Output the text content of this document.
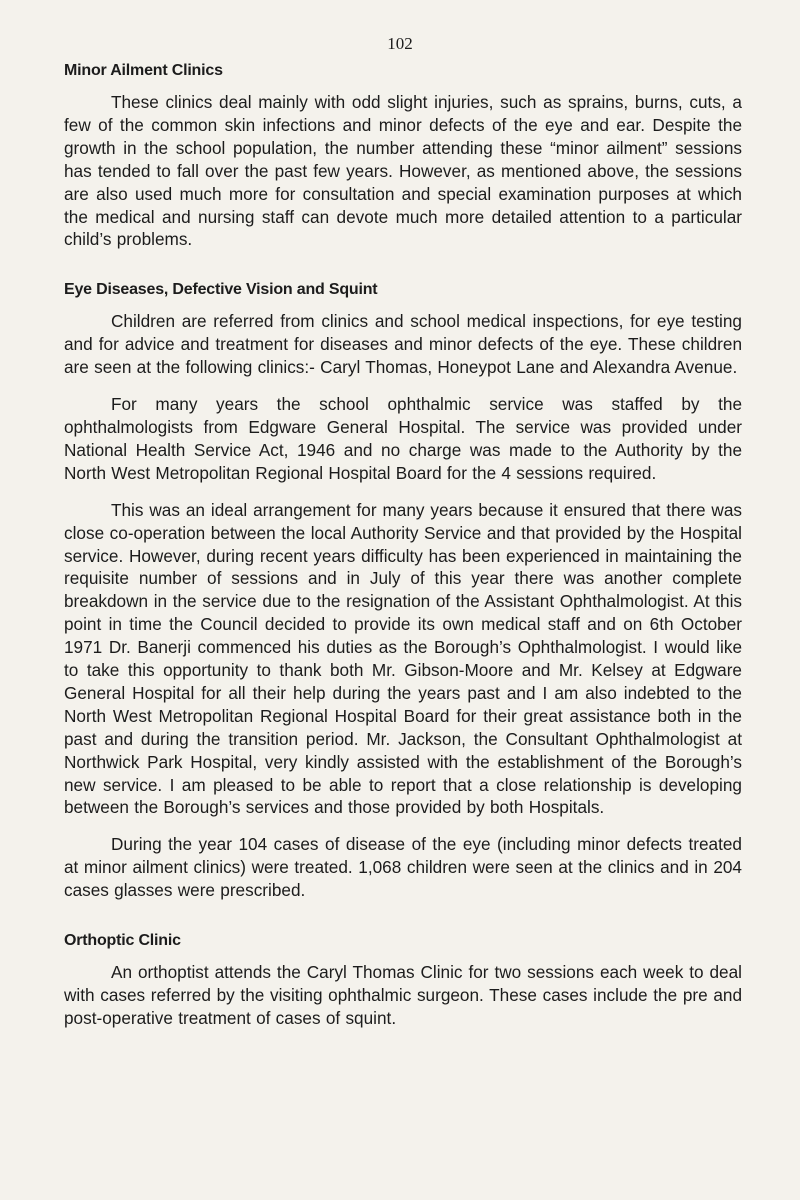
102
Minor Ailment Clinics

These clinics deal mainly with odd slight injuries, such as sprains, burns, cuts, a few of the common skin infections and minor defects of the eye and ear. Despite the growth in the school population, the number attending these “minor ailment” sessions has tended to fall over the past few years. However, as mentioned above, the sessions are also used much more for consultation and special examination purposes at which the medical and nursing staff can devote much more detailed attention to a particular child’s problems.

Eye Diseases, Defective Vision and Squint

Children are referred from clinics and school medical inspections, for eye testing and for advice and treatment for diseases and minor defects of the eye. These children are seen at the following clinics:- Caryl Thomas, Honeypot Lane and Alexandra Avenue.

For many years the school ophthalmic service was staffed by the ophthalmologists from Edgware General Hospital. The service was provided under National Health Service Act, 1946 and no charge was made to the Authority by the North West Metropolitan Regional Hospital Board for the 4 sessions required.

This was an ideal arrangement for many years because it ensured that there was close co-operation between the local Authority Service and that provided by the Hospital service. However, during recent years difficulty has been experienced in maintaining the requisite number of sessions and in July of this year there was another complete breakdown in the service due to the resignation of the Assistant Ophthalmologist. At this point in time the Council decided to provide its own medical staff and on 6th October 1971 Dr. Banerji commenced his duties as the Borough’s Ophthalmologist. I would like to take this opportunity to thank both Mr. Gibson-Moore and Mr. Kelsey at Edgware General Hospital for all their help during the years past and I am also indebted to the North West Metropolitan Regional Hospital Board for their great assistance both in the past and during the transition period. Mr. Jackson, the Consultant Ophthalmologist at Northwick Park Hospital, very kindly assisted with the establishment of the Borough’s new service. I am pleased to be able to report that a close relationship is developing between the Borough’s services and those provided by both Hospitals.

During the year 104 cases of disease of the eye (including minor defects treated at minor ailment clinics) were treated. 1,068 children were seen at the clinics and in 204 cases glasses were prescribed.

Orthoptic Clinic

An orthoptist attends the Caryl Thomas Clinic for two sessions each week to deal with cases referred by the visiting ophthalmic surgeon. These cases include the pre and post-operative treatment of cases of squint.
